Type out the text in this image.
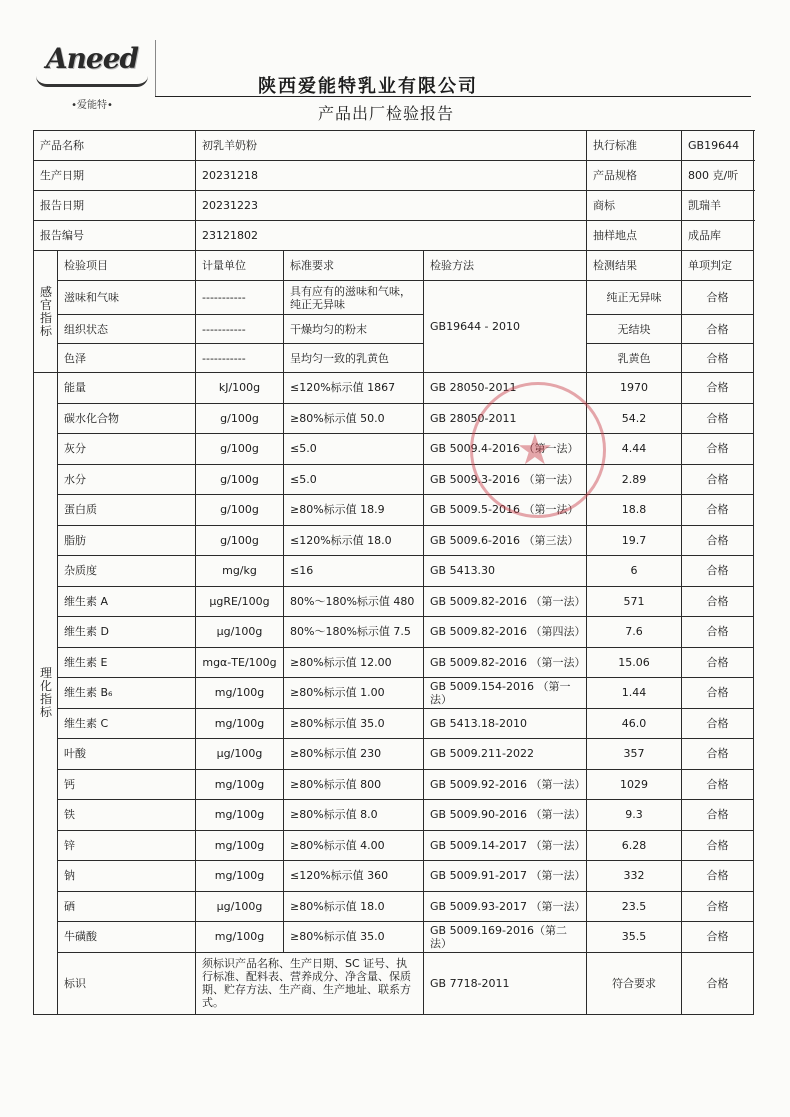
Aneed
•爱能特•
陕西爱能特乳业有限公司
产品出厂检验报告
产品名称		初乳羊奶粉			执行标准	GB19644
生产日期		20231218			产品规格	800 克/听
报告日期		20231223			商标	凯瑞羊
报告编号		23121802			抽样地点	成品库

感
官
指
标	检验项目	计量单位	标准要求	检验方法	检测结果	单项判定
	滋味和气味	-----------	具有应有的滋味和气味，纯正无异味	GB19644 - 2010	纯正无异味	合格
	组织状态	-----------	干燥均匀的粉末		无结块	合格
	色泽	-----------	呈均匀一致的乳黄色		乳黄色	合格

理
化
指
标	能量	kJ/100g	≤120%标示值 1867	GB 28050-2011	1970	合格
	碳水化合物	g/100g	≥80%标示值 50.0	GB 28050-2011	54.2	合格
	灰分	g/100g	≤5.0	GB 5009.4-2016 （第一法）	4.44	合格
	水分	g/100g	≤5.0	GB 5009.3-2016 （第一法）	2.89	合格
	蛋白质	g/100g	≥80%标示值 18.9	GB 5009.5-2016 （第一法）	18.8	合格
	脂肪	g/100g	≤120%标示值 18.0	GB 5009.6-2016 （第三法）	19.7	合格
	杂质度	mg/kg	≤16	GB 5413.30	6	合格
	维生素 A	μgRE/100g	80%～180%标示值 480	GB 5009.82-2016 （第一法）	571	合格
	维生素 D	μg/100g	80%～180%标示值 7.5	GB 5009.82-2016 （第四法）	7.6	合格
	维生素 E	mgα-TE/100g	≥80%标示值 12.00	GB 5009.82-2016 （第一法）	15.06	合格
	维生素 B₆	mg/100g	≥80%标示值 1.00	GB 5009.154-2016 （第一法）	1.44	合格
	维生素 C	mg/100g	≥80%标示值 35.0	GB 5413.18-2010	46.0	合格
	叶酸	μg/100g	≥80%标示值 230	GB 5009.211-2022	357	合格
	钙	mg/100g	≥80%标示值 800	GB 5009.92-2016 （第一法）	1029	合格
	铁	mg/100g	≥80%标示值 8.0	GB 5009.90-2016 （第一法）	9.3	合格
	锌	mg/100g	≥80%标示值 4.00	GB 5009.14-2017 （第一法）	6.28	合格
	钠	mg/100g	≤120%标示值 360	GB 5009.91-2017 （第一法）	332	合格
	硒	μg/100g	≥80%标示值 18.0	GB 5009.93-2017 （第一法）	23.5	合格
	牛磺酸	mg/100g	≥80%标示值 35.0	GB 5009.169-2016（第二法）	35.5	合格
	标识	须标识产品名称、生产日期、SC 证号、执行标准、配料表、营养成分、净含量、保质期、贮存方法、生产商、生产地址、联系方式。		GB 7718-2011	符合要求	合格
★
